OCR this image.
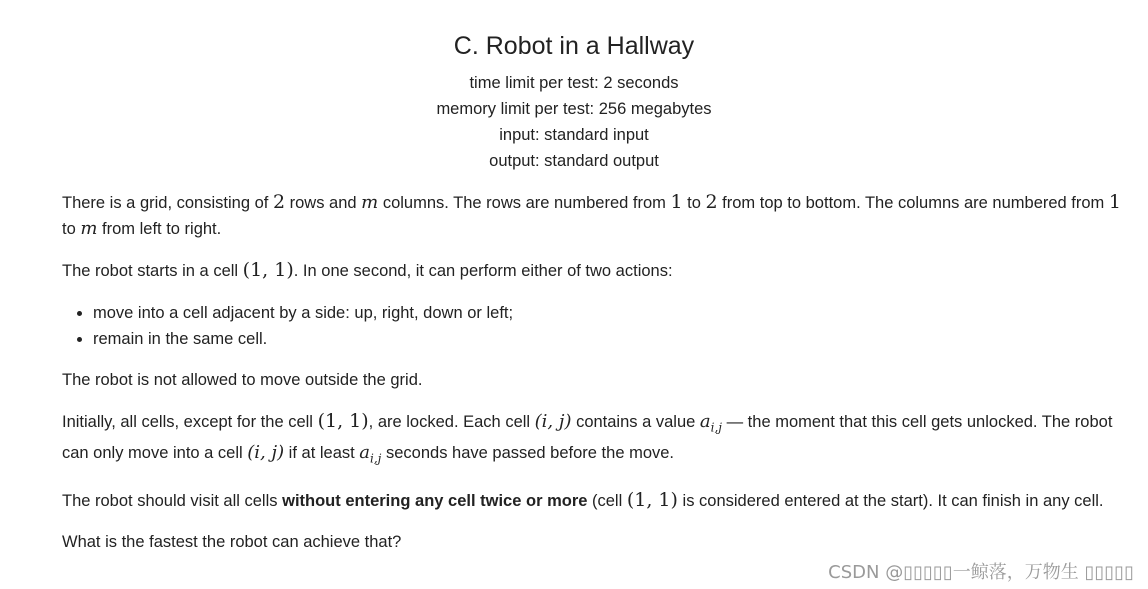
C. Robot in a Hallway
time limit per test: 2 seconds
memory limit per test: 256 megabytes
input: standard input
output: standard output

There is a grid, consisting of 2 rows and m columns. The rows are numbered from 1 to 2 from top to bottom. The columns are numbered from 1 to m from left to right.

The robot starts in a cell (1, 1). In one second, it can perform either of two actions:

• move into a cell adjacent by a side: up, right, down or left;
• remain in the same cell.

The robot is not allowed to move outside the grid.

Initially, all cells, except for the cell (1, 1), are locked. Each cell (i, j) contains a value $a_{i,j}$ — the moment that this cell gets unlocked. The robot can only move into a cell (i, j) if at least $a_{i,j}$ seconds have passed before the move.

The robot should visit all cells without entering any cell twice or more (cell (1, 1) is considered entered at the start). It can finish in any cell.

What is the fastest the robot can achieve that?

CSDN @▯▯▯▯▯一鲸落，万物生 ▯▯▯▯▯
